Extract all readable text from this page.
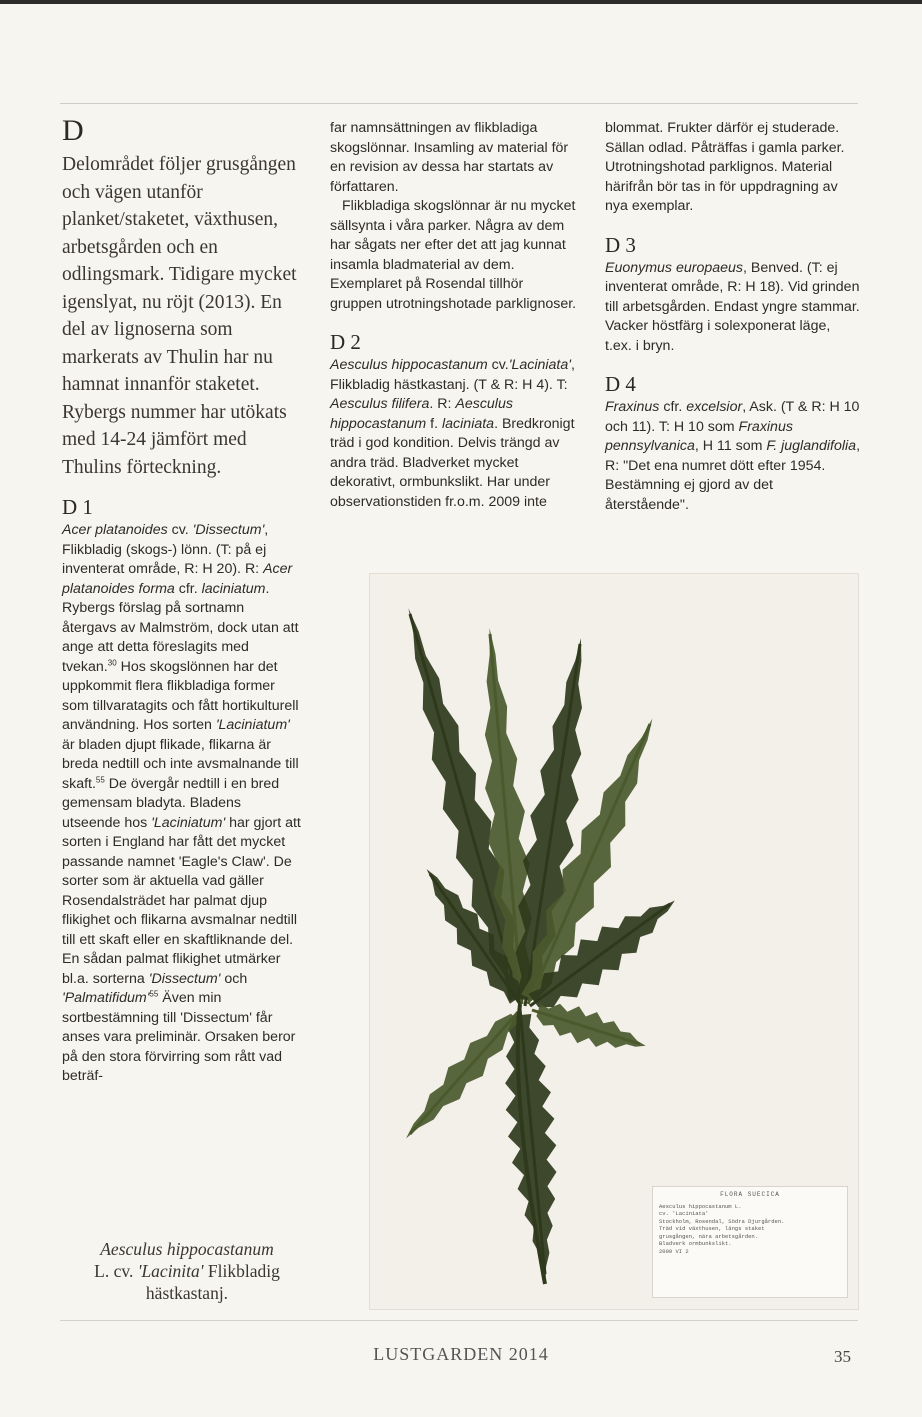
D

Delområdet följer grusgången och vägen utanför planket/staketet, växthusen, arbetsgården och en odlingsmark. Tidigare mycket igenslyat, nu röjt (2013). En del av lignoserna som markerats av Thulin har nu hamnat innanför staketet. Rybergs nummer har utökats med 14-24 jämfört med Thulins förteckning.

D 1
Acer platanoides cv. 'Dissectum', Flikbladig (skogs-) lönn. (T: på ej inventerat område, R: H 20). R: Acer platanoides forma cfr. laciniatum. Rybergs förslag på sortnamn återgavs av Malmström, dock utan att ange att detta föreslagits med tvekan.$^{30}$ Hos skogslönnen har det uppkommit flera flikbladiga former som tillvaratagits och fått hortikulturell användning. Hos sorten 'Laciniatum' är bladen djupt flikade, flikarna är breda nedtill och inte avsmalnande till skaft.$^{55}$ De övergår nedtill i en bred gemensam bladyta. Bladens utseende hos 'Laciniatum' har gjort att sorten i England har fått det mycket passande namnet 'Eagle's Claw'. De sorter som är aktuella vad gäller Rosendalsträdet har palmat djup flikighet och flikarna avsmalnar nedtill till ett skaft eller en skaftliknande del. En sådan palmat flikighet utmärker bl.a. sorterna 'Dissectum' och '$Palmatifidum'^{55}$ Även min sortbestämning till 'Dissectum' får anses vara preliminär. Orsaken beror på den stora förvirring som rått vad beträf-

far namnsättningen av flikbladiga skogslönnar. Insamling av material för en revision av dessa har startats av författaren.

Flikbladiga skogslönnar är nu mycket sällsynta i våra parker. Några av dem har sågats ner efter det att jag kunnat insamla bladmaterial av dem. Exemplaret på Rosendal tillhör gruppen utrotningshotade parklignoser.

D 2
Aesculus hippocastanum cv.'Laciniata', Flikbladig hästkastanj. (T & R: H 4). T: Aesculus filifera. R: Aesculus hippocastanum f. laciniata. Bredkronigt träd i god kondition. Delvis trängd av andra träd. Bladverket mycket dekorativt, ormbunkslikt. Har under observationstiden fr.o.m. 2009 inte
blommat. Frukter därför ej studerade. Sällan odlad. Påträffas i gamla parker. Utrotningshotad parklignos. Material härifrån bör tas in för uppdragning av nya exemplar.
D 3
Euonymus europaeus, Benved. (T: ej inventerat område, R: H 18). Vid grinden till arbetsgården. Endast yngre stammar. Vacker höstfärg i solexponerat läge, t.ex. i bryn.
D 4
Fraxinus cfr. excelsior, Ask. (T & R: H 10 och 11). T: H 10 som Fraxinus pennsylvanica, H 11 som F. juglandifolia, R: "Det ena numret dött efter 1954. Bestämning ej gjord av det återstående".
FLORA SUECICA
Aesculus hippocastanum L.
cv. 'Laciniata'
Stockholm, Rosendal, Södra Djurgården.
Träd vid växthusen, längs staket
grusgången, nära arbetsgården.
Bladverk ormbunkslikt.
2009 VI 2
Aesculus hippocastanum
L. cv. 'Lacinita' Flikbladig
hästkastanj.
LUSTGARDEN 2014	35
